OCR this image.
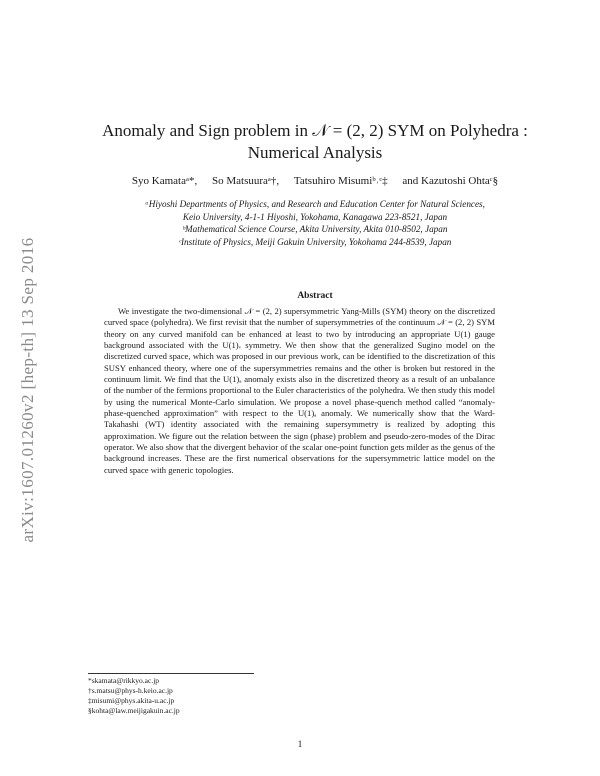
arXiv:1607.01260v2 [hep-th] 13 Sep 2016
Anomaly and Sign problem in 𝒩 = (2, 2) SYM on Polyhedra :
Numerical Analysis
Syo Kamataᵃ*, So Matsuuraᵃ†, Tatsuhiro Misumiᵇ˒ᶜ‡ and Kazutoshi Ohtaᶜ§
ᵃHiyoshi Departments of Physics, and Research and Education Center for Natural Sciences,
Keio University, 4-1-1 Hiyoshi, Yokohama, Kanagawa 223-8521, Japan
ᵇMathematical Science Course, Akita University, Akita 010-8502, Japan
ᶜInstitute of Physics, Meiji Gakuin University, Yokohama 244-8539, Japan
Abstract

We investigate the two-dimensional 𝒩 = (2, 2) supersymmetric Yang-Mills (SYM) theory on the discretized curved space (polyhedra). We first revisit that the number of supersymmetries of the continuum 𝒩 = (2, 2) SYM theory on any curved manifold can be enhanced at least to two by introducing an appropriate U(1) gauge background associated with the U(1)ᵥ symmetry. We then show that the generalized Sugino model on the discretized curved space, which was proposed in our previous work, can be identified to the discretization of this SUSY enhanced theory, where one of the supersymmetries remains and the other is broken but restored in the continuum limit. We find that the U(1)ₐ anomaly exists also in the discretized theory as a result of an unbalance of the number of the fermions proportional to the Euler characteristics of the polyhedra. We then study this model by using the numerical Monte-Carlo simulation. We propose a novel phase-quench method called “anomaly-phase-quenched approximation” with respect to the U(1)ₐ anomaly. We numerically show that the Ward-Takahashi (WT) identity associated with the remaining supersymmetry is realized by adopting this approximation. We figure out the relation between the sign (phase) problem and pseudo-zero-modes of the Dirac operator. We also show that the divergent behavior of the scalar one-point function gets milder as the genus of the background increases. These are the first numerical observations for the supersymmetric lattice model on the curved space with generic topologies.

*skamata@rikkyo.ac.jp
†s.matsu@phys-h.keio.ac.jp
‡misumi@phys.akita-u.ac.jp
§kohta@law.meijigakuin.ac.jp
1
